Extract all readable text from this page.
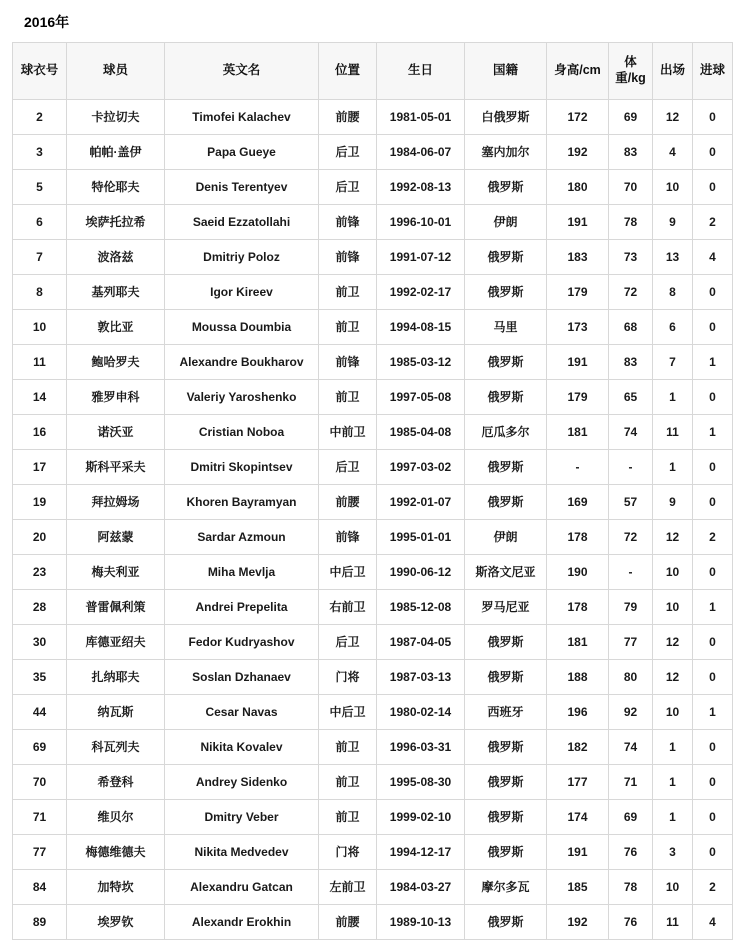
2016年
球衣号	球员	英文名	位置	生日	国籍	身高/cm	体重/kg	出场	进球
2	卡拉切夫	Timofei Kalachev	前腰	1981-05-01	白俄罗斯	172	69	12	0
3	帕帕·盖伊	Papa Gueye	后卫	1984-06-07	塞内加尔	192	83	4	0
5	特伦耶夫	Denis Terentyev	后卫	1992-08-13	俄罗斯	180	70	10	0
6	埃萨托拉希	Saeid Ezzatollahi	前锋	1996-10-01	伊朗	191	78	9	2
7	波洛兹	Dmitriy Poloz	前锋	1991-07-12	俄罗斯	183	73	13	4
8	基列耶夫	Igor Kireev	前卫	1992-02-17	俄罗斯	179	72	8	0
10	敦比亚	Moussa Doumbia	前卫	1994-08-15	马里	173	68	6	0
11	鲍哈罗夫	Alexandre Boukharov	前锋	1985-03-12	俄罗斯	191	83	7	1
14	雅罗申科	Valeriy Yaroshenko	前卫	1997-05-08	俄罗斯	179	65	1	0
16	诺沃亚	Cristian Noboa	中前卫	1985-04-08	厄瓜多尔	181	74	11	1
17	斯科平采夫	Dmitri Skopintsev	后卫	1997-03-02	俄罗斯	-	-	1	0
19	拜拉姆场	Khoren Bayramyan	前腰	1992-01-07	俄罗斯	169	57	9	0
20	阿兹蒙	Sardar Azmoun	前锋	1995-01-01	伊朗	178	72	12	2
23	梅夫利亚	Miha Mevlja	中后卫	1990-06-12	斯洛文尼亚	190	-	10	0
28	普雷佩利策	Andrei Prepelita	右前卫	1985-12-08	罗马尼亚	178	79	10	1
30	库德亚绍夫	Fedor Kudryashov	后卫	1987-04-05	俄罗斯	181	77	12	0
35	扎纳耶夫	Soslan Dzhanaev	门将	1987-03-13	俄罗斯	188	80	12	0
44	纳瓦斯	Cesar Navas	中后卫	1980-02-14	西班牙	196	92	10	1
69	科瓦列夫	Nikita Kovalev	前卫	1996-03-31	俄罗斯	182	74	1	0
70	希登科	Andrey Sidenko	前卫	1995-08-30	俄罗斯	177	71	1	0
71	维贝尔	Dmitry Veber	前卫	1999-02-10	俄罗斯	174	69	1	0
77	梅德维德夫	Nikita Medvedev	门将	1994-12-17	俄罗斯	191	76	3	0
84	加特坎	Alexandru Gatcan	左前卫	1984-03-27	摩尔多瓦	185	78	10	2
89	埃罗钦	Alexandr Erokhin	前腰	1989-10-13	俄罗斯	192	76	11	4
